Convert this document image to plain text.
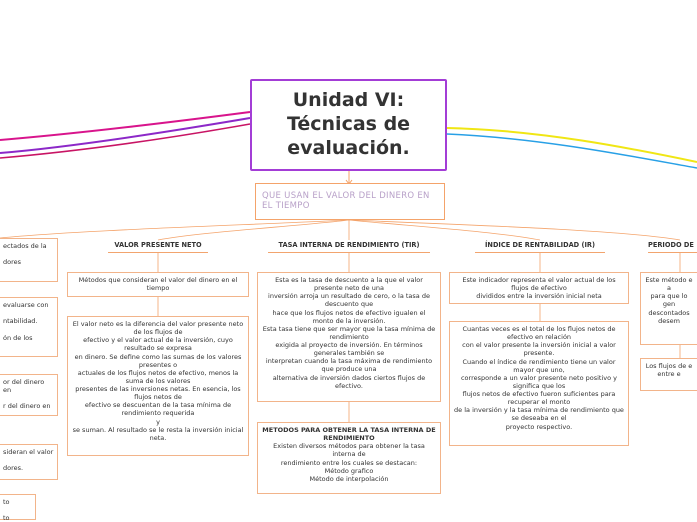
Unidad VI:
Técnicas de
evaluación.

QUE USAN EL VALOR DEL DINERO EN EL TIEMPO

VALOR PRESENTE NETO

Métodos que consideran el valor del dinero en el tiempo

El valor neto es la diferencia del valor presente neto de los flujos de
efectivo y el valor actual de la inversión, cuyo resultado se expresa
en dinero. Se define como las sumas de los valores presentes o
actuales de los flujos netos de efectivo, menos la suma de los valores
presentes de las inversiones netas. En esencia, los flujos netos de
efectivo se descuentan de la tasa mínima de rendimiento requerida
y
se suman. Al resultado se le resta la inversión inicial neta.

TASA INTERNA DE RENDIMIENTO (TIR)

Esta es la tasa de descuento a la que el valor presente neto de una
inversión arroja un resultado de cero, o la tasa de descuento que
hace que los flujos netos de efectivo igualen el monto de la inversión.
Esta tasa tiene que ser mayor que la tasa mínima de rendimiento
exigida al proyecto de inversión. En términos generales también se
interpretan cuando la tasa máxima de rendimiento que produce una
alternativa de inversión dados ciertos flujos de efectivo.

METODOS PARA OBTENER LA TASA INTERNA DE RENDIMIENTO

Existen diversos métodos para obtener la tasa interna de
rendimiento entre los cuales se destacan:
Método grafico
Método de interpolación

ÍNDICE DE RENTABILIDAD (IR)

Este indicador representa el valor actual de los flujos de efectivo
divididos entre la inversión inicial neta

Cuantas veces es el total de los flujos netos de efectivo en relación
con el valor presente la inversión inicial a valor presente.
Cuando el índice de rendimiento tiene un valor mayor que uno,
corresponde a un valor presente neto positivo y significa que los
flujos netos de efectivo fueron suficientes para recuperar el monto
de la inversión y la tasa mínima de rendimiento que se deseaba en el
proyecto respectivo.

PERIODO DE

Este método e
a
para que lo
gen
descontados
desem

Los flujos de e
entre e

ectados de la

dores

evaluarse con

ntabilidad.

ón de los

or del dinero en

r del dinero en

sideran el valor

dores.

to

to
